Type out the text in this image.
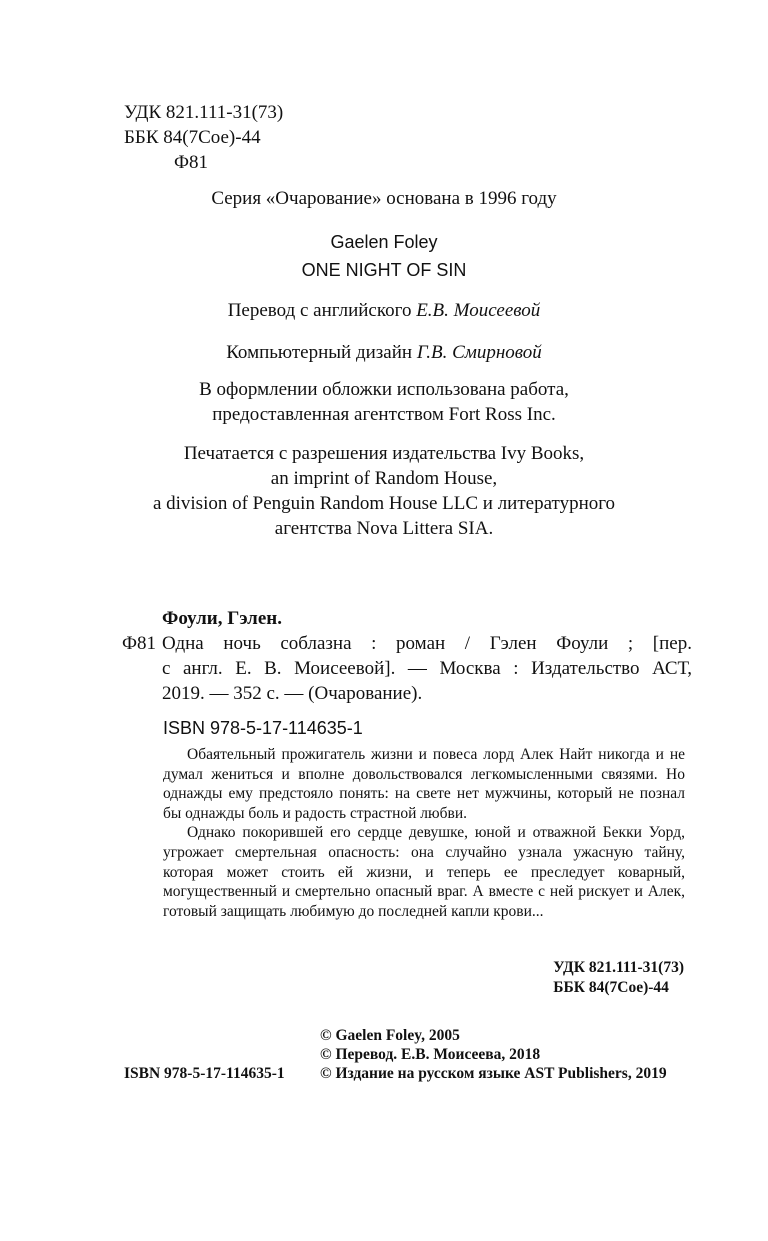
УДК 821.111-31(73)
ББК 84(7Сое)-44
Ф81
Серия «Очарование» основана в 1996 году
Gaelen Foley
ONE NIGHT OF SIN
Перевод с английского Е.В. Моисеевой
Компьютерный дизайн Г.В. Смирновой
В оформлении обложки использована работа,
предоставленная агентством Fort Ross Inc.
Печатается с разрешения издательства Ivy Books,
an imprint of Random House,
a division of Penguin Random House LLC и литературного
агентства Nova Littera SIA.
Фоули, Гэлен.
Ф81 Одна ночь соблазна : роман / Гэлен Фоули ; [пер.
с англ. Е. В. Моисеевой]. — Москва : Издательство АСТ,
2019. — 352 с. — (Очарование).
ISBN 978-5-17-114635-1

Обаятельный прожигатель жизни и повеса лорд Алек Найт никогда и не думал жениться и вполне довольствовался легкомысленными связями. Но однажды ему предстояло понять: на свете нет мужчины, который не познал бы однажды боль и радость страстной любви.

Однако покорившей его сердце девушке, юной и отважной Бекки Уорд, угрожает смертельная опасность: она случайно узнала ужасную тайну, которая может стоить ей жизни, и теперь ее преследует коварный, могущественный и смертельно опасный враг. А вместе с ней рискует и Алек, готовый защищать любимую до последней капли крови...

УДК 821.111-31(73)
ББК 84(7Сое)-44
© Gaelen Foley, 2005
© Перевод. Е.В. Моисеева, 2018
ISBN 978-5-17-114635-1	© Издание на русском языке AST Publishers, 2019
